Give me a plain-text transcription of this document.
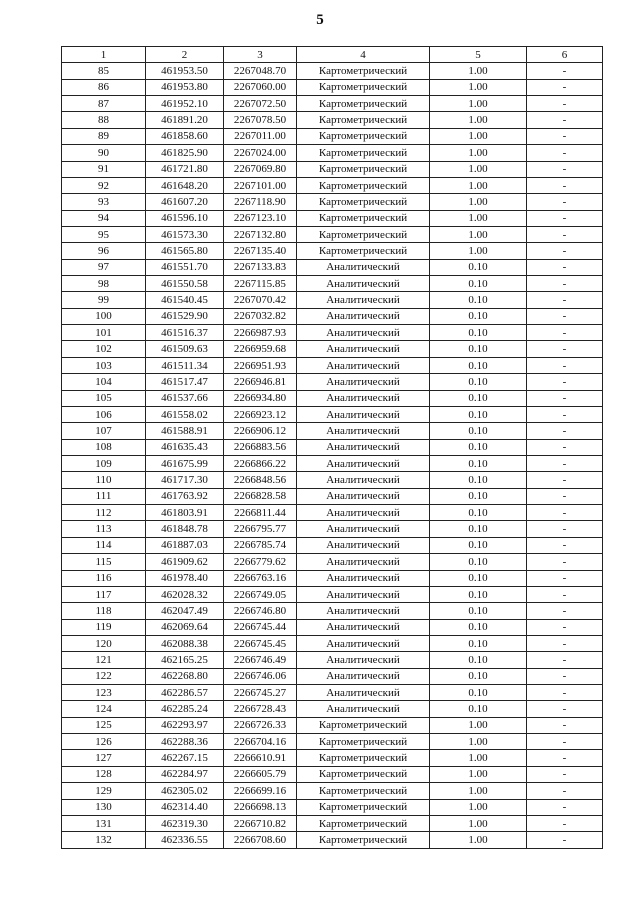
5
1	2	3	4	5	6
85	461953.50	2267048.70	Картометрический	1.00	-
86	461953.80	2267060.00	Картометрический	1.00	-
87	461952.10	2267072.50	Картометрический	1.00	-
88	461891.20	2267078.50	Картометрический	1.00	-
89	461858.60	2267011.00	Картометрический	1.00	-
90	461825.90	2267024.00	Картометрический	1.00	-
91	461721.80	2267069.80	Картометрический	1.00	-
92	461648.20	2267101.00	Картометрический	1.00	-
93	461607.20	2267118.90	Картометрический	1.00	-
94	461596.10	2267123.10	Картометрический	1.00	-
95	461573.30	2267132.80	Картометрический	1.00	-
96	461565.80	2267135.40	Картометрический	1.00	-
97	461551.70	2267133.83	Аналитический	0.10	-
98	461550.58	2267115.85	Аналитический	0.10	-
99	461540.45	2267070.42	Аналитический	0.10	-
100	461529.90	2267032.82	Аналитический	0.10	-
101	461516.37	2266987.93	Аналитический	0.10	-
102	461509.63	2266959.68	Аналитический	0.10	-
103	461511.34	2266951.93	Аналитический	0.10	-
104	461517.47	2266946.81	Аналитический	0.10	-
105	461537.66	2266934.80	Аналитический	0.10	-
106	461558.02	2266923.12	Аналитический	0.10	-
107	461588.91	2266906.12	Аналитический	0.10	-
108	461635.43	2266883.56	Аналитический	0.10	-
109	461675.99	2266866.22	Аналитический	0.10	-
110	461717.30	2266848.56	Аналитический	0.10	-
111	461763.92	2266828.58	Аналитический	0.10	-
112	461803.91	2266811.44	Аналитический	0.10	-
113	461848.78	2266795.77	Аналитический	0.10	-
114	461887.03	2266785.74	Аналитический	0.10	-
115	461909.62	2266779.62	Аналитический	0.10	-
116	461978.40	2266763.16	Аналитический	0.10	-
117	462028.32	2266749.05	Аналитический	0.10	-
118	462047.49	2266746.80	Аналитический	0.10	-
119	462069.64	2266745.44	Аналитический	0.10	-
120	462088.38	2266745.45	Аналитический	0.10	-
121	462165.25	2266746.49	Аналитический	0.10	-
122	462268.80	2266746.06	Аналитический	0.10	-
123	462286.57	2266745.27	Аналитический	0.10	-
124	462285.24	2266728.43	Аналитический	0.10	-
125	462293.97	2266726.33	Картометрический	1.00	-
126	462288.36	2266704.16	Картометрический	1.00	-
127	462267.15	2266610.91	Картометрический	1.00	-
128	462284.97	2266605.79	Картометрический	1.00	-
129	462305.02	2266699.16	Картометрический	1.00	-
130	462314.40	2266698.13	Картометрический	1.00	-
131	462319.30	2266710.82	Картометрический	1.00	-
132	462336.55	2266708.60	Картометрический	1.00	-
